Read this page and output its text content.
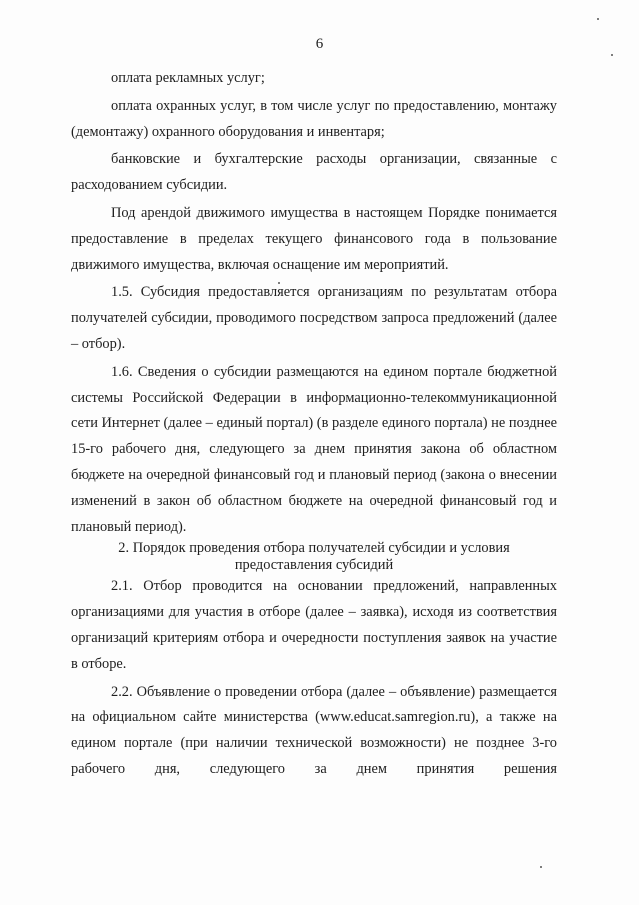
6

оплата рекламных услуг;

оплата охранных услуг, в том числе услуг по предоставлению, монтажу (демонтажу) охранного оборудования и инвентаря;

банковские и бухгалтерские расходы организации, связанные с расходованием субсидии.

Под арендой движимого имущества в настоящем Порядке понимается предоставление в пределах текущего финансового года в пользование движимого имущества, включая оснащение им мероприятий.

1.5. Субсидия предоставляется организациям по результатам отбора получателей субсидии, проводимого посредством запроса предложений (далее – отбор).

1.6. Сведения о субсидии размещаются на едином портале бюджетной системы Российской Федерации в информационно-телекоммуникационной сети Интернет (далее – единый портал) (в разделе единого портала) не позднее 15-го рабочего дня, следующего за днем принятия закона об областном бюджете на очередной финансовый год и плановый период (закона о внесении изменений в закон об областном бюджете на очередной финансовый год и плановый период).

2. Порядок проведения отбора получателей субсидии и условия
предоставления субсидий

2.1. Отбор проводится на основании предложений, направленных организациями для участия в отборе (далее – заявка), исходя из соответствия организаций критериям отбора и очередности поступления заявок на участие в отборе.

2.2. Объявление о проведении отбора (далее – объявление) размещается на официальном сайте министерства (www.educat.samregion.ru), а также на едином портале (при наличии технической возможности) не позднее 3-го рабочего дня, следующего за днем принятия решения
